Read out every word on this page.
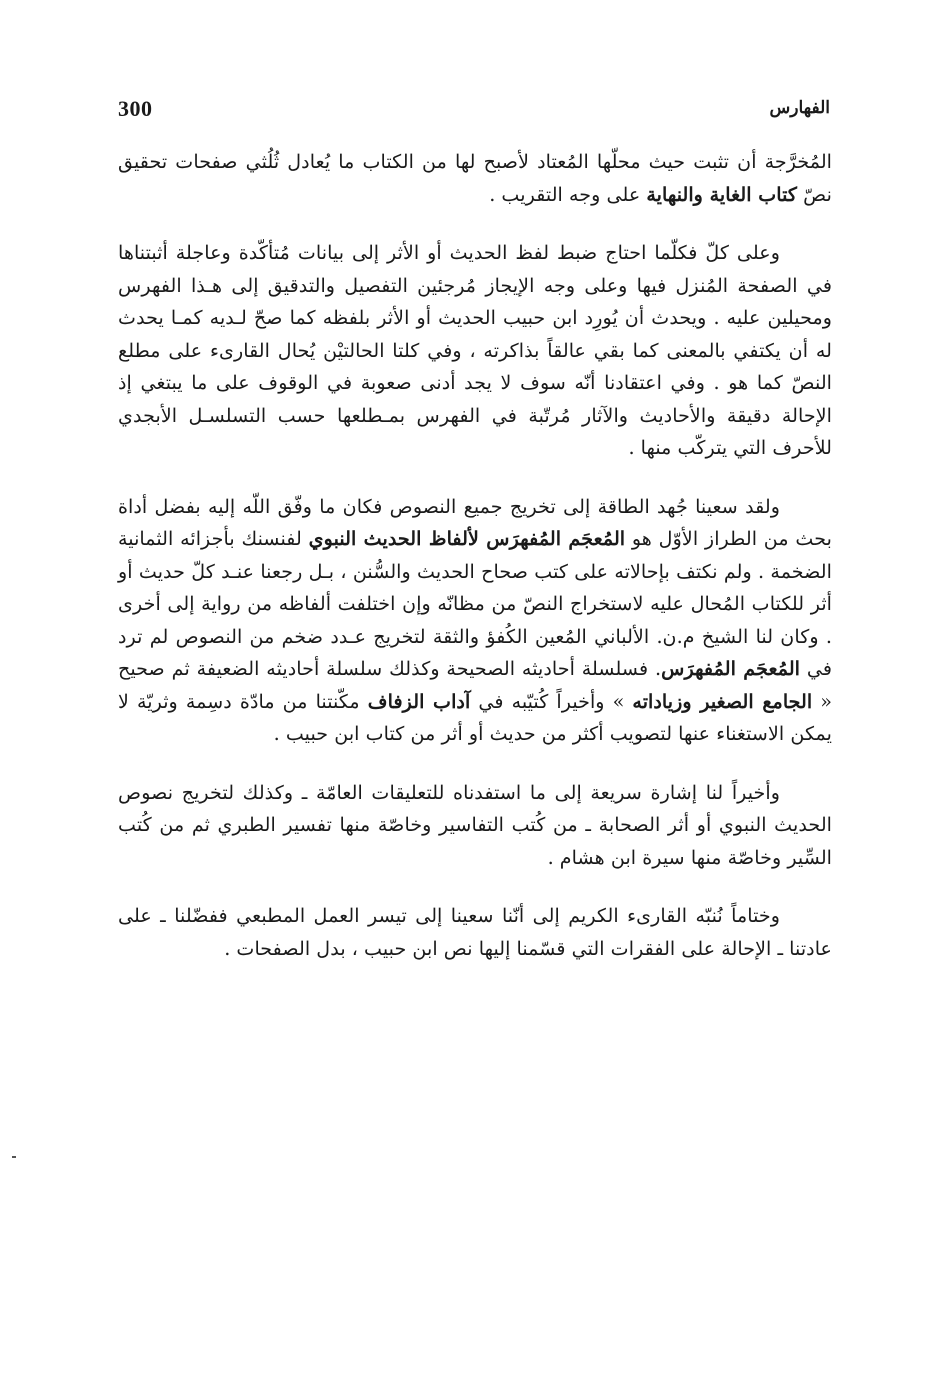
300	الفهارس

المُخرَّجة أن تثبت حيث محلّها المُعتاد لأصبح لها من الكتاب ما يُعادل ثُلُثي صفحات تحقيق نصّ كتاب الغاية والنهاية على وجه التقريب .

وعلى كلّ فكلّما احتاج ضبط لفظ الحديث أو الأثر إلى بيانات مُتأكّدة وعاجلة أثبتناها في الصفحة المُنزل فيها وعلى وجه الإيجاز مُرجئين التفصيل والتدقيق إلى هـذا الفهرس ومحيلين عليه . ويحدث أن يُورِد ابن حبيب الحديث أو الأثر بلفظه كما صحّ لـديه كمـا يحدث له أن يكتفي بالمعنى كما بقي عالقاً بذاكرته ، وفي كلتا الحالتيْن يُحال القارىء على مطلع النصّ كما هو . وفي اعتقادنا أنّه سوف لا يجد أدنى صعوبة في الوقوف على ما يبتغي إذ الإحالة دقيقة والأحاديث والآثار مُرتّبة في الفهرس بمـطلعها حسب التسلسـل الأبجدي للأحرف التي يتركّب منها .

ولقد سعينا جُهد الطاقة إلى تخريج جميع النصوص فكان ما وفّق اللّه إليه بفضل أداة بحث من الطراز الأوّل هو المُعجَم المُفهرَس لألفاظ الحديث النبوي لفنسنك بأجزائه الثمانية الضخمة . ولم نكتف بإحالاته على كتب صحاح الحديث والسُّنن ، بـل رجعنا عنـد كلّ حديث أو أثر للكتاب المُحال عليه لاستخراج النصّ من مظانّه وإن اختلفت ألفاظه من رواية إلى أخرى . وكان لنا الشيخ م.ن. الألباني المُعين الكُفؤ والثقة لتخريج عـدد ضخم من النصوص لم ترد في المُعجَم المُفهرَس. فسلسلة أحاديثه الصحيحة وكذلك سلسلة أحاديثه الضعيفة ثم صحيح « الجامع الصغير وزياداته » وأخيراً كُتيّبه في آداب الزفاف مكّنتنا من مادّة دسِمة وثريّة لا يمكن الاستغناء عنها لتصويب أكثر من حديث أو أثر من كتاب ابن حبيب .

وأخيراً لنا إشارة سريعة إلى ما استفدناه للتعليقات العامّة ـ وكذلك لتخريج نصوص الحديث النبوي أو أثر الصحابة ـ من كُتب التفاسير وخاصّة منها تفسير الطبري ثم من كُتب السِّير وخاصّة منها سيرة ابن هشام .

وختاماً نُنبّه القارىء الكريم إلى أنّنا سعينا إلى تيسر العمل المطبعي ففضّلنا ـ على عادتنا ـ الإحالة على الفقرات التي قسّمنا إليها نص ابن حبيب ، بدل الصفحات .
